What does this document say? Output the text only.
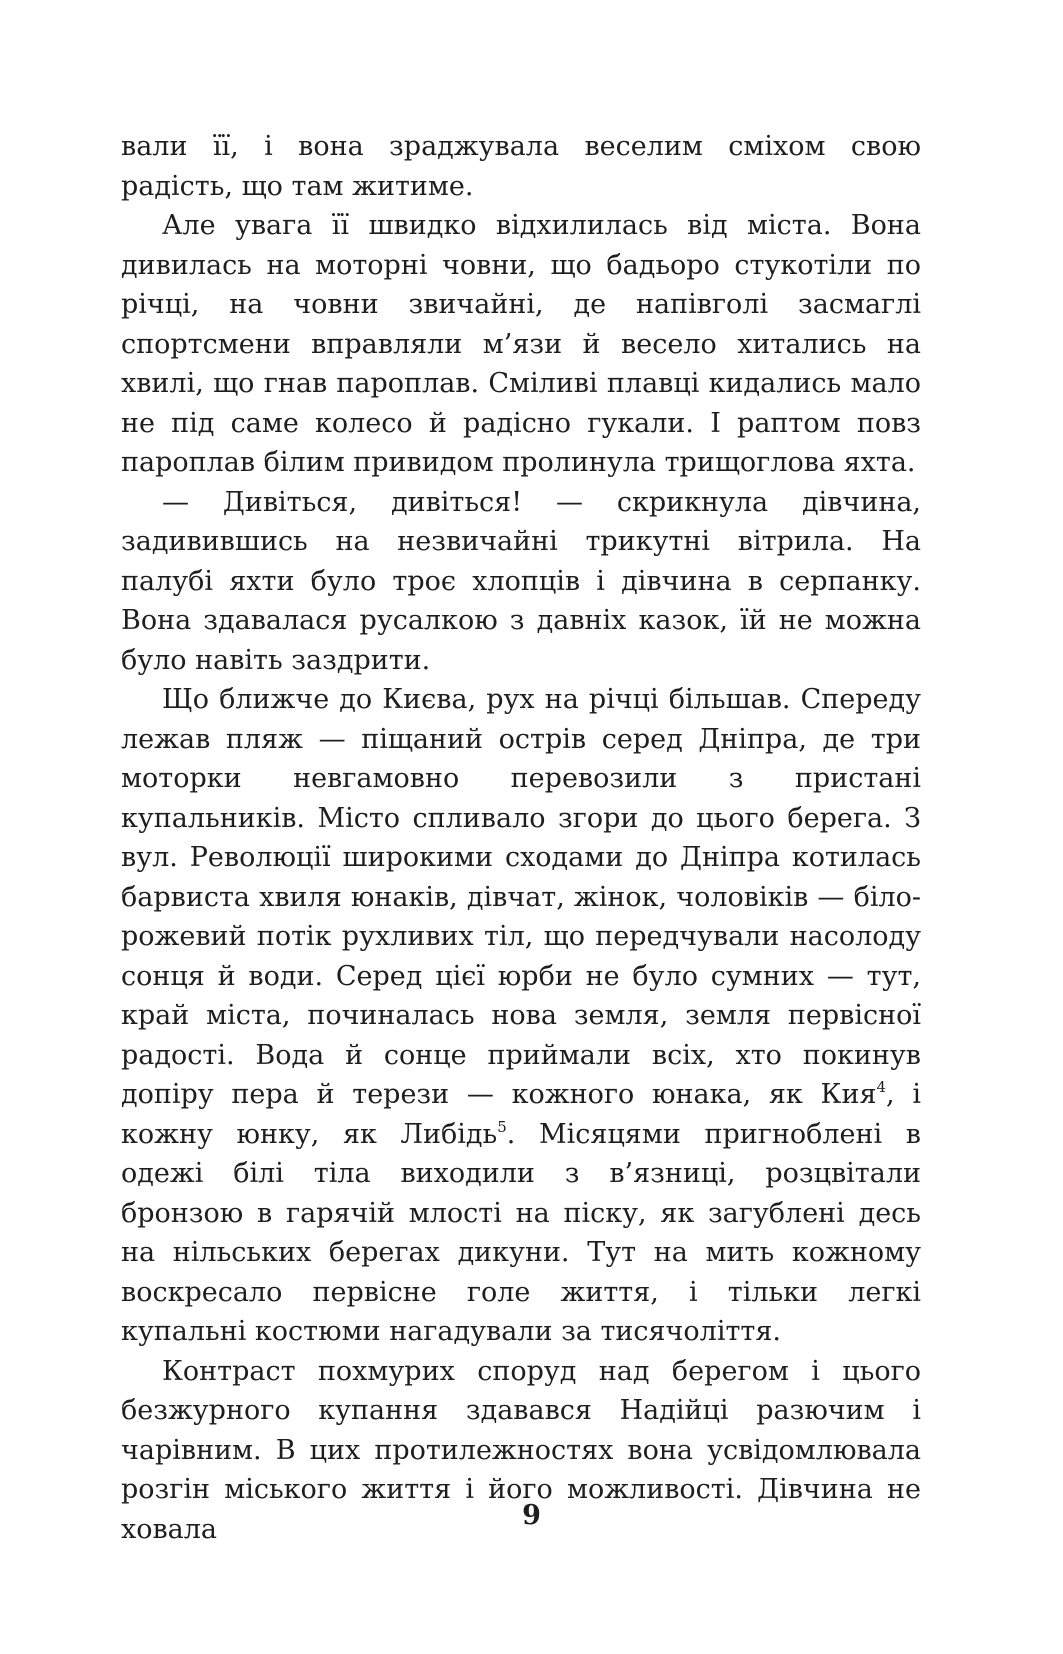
вали її, і вона зраджувала веселим сміхом свою радість, що там житиме.

Але увага її швидко відхилилась від міста. Вона дивилась на моторні човни, що бадьоро стукотіли по річці, на човни звичайні, де напівголі засмаглі спортсмени вправляли м’язи й весело хитались на хвилі, що гнав пароплав. Сміливі плавці кидались мало не під саме колесо й радісно гукали. І раптом повз пароплав білим привидом пролинула трищоглова яхта.

— Дивіться, дивіться! — скрикнула дівчина, задивившись на незвичайні трикутні вітрила. На палубі яхти було троє хлопців і дівчина в серпанку. Вона здавалася русалкою з давніх казок, їй не можна було навіть заздрити.

Що ближче до Києва, рух на річці більшав. Спереду лежав пляж — піщаний острів серед Дніпра, де три моторки невгамовно перевозили з пристані купальників. Місто спливало згори до цього берега. З вул. Революції широкими сходами до Дніпра котилась барвиста хвиля юнаків, дівчат, жінок, чоловіків — біло-рожевий потік рухливих тіл, що передчували насолоду сонця й води. Серед цієї юрби не було сумних — тут, край міста, починалась нова земля, земля первісної радості. Вода й сонце приймали всіх, хто покинув допіру пера й терези — кожного юнака, як Кия$^4$, і кожну юнку, як Либідь$^5$. Місяцями пригноблені в одежі білі тіла виходили з в’язниці, розцвітали бронзою в гарячій млості на піску, як загублені десь на нільських берегах дикуни. Тут на мить кожному воскресало первісне голе життя, і тільки легкі купальні костюми нагадували за тисячоліття.

Контраст похмурих споруд над берегом і цього безжурного купання здавався Надійці разючим і чарівним. В цих протилежностях вона усвідомлювала розгін міського життя і його можливості. Дівчина не ховала	9
